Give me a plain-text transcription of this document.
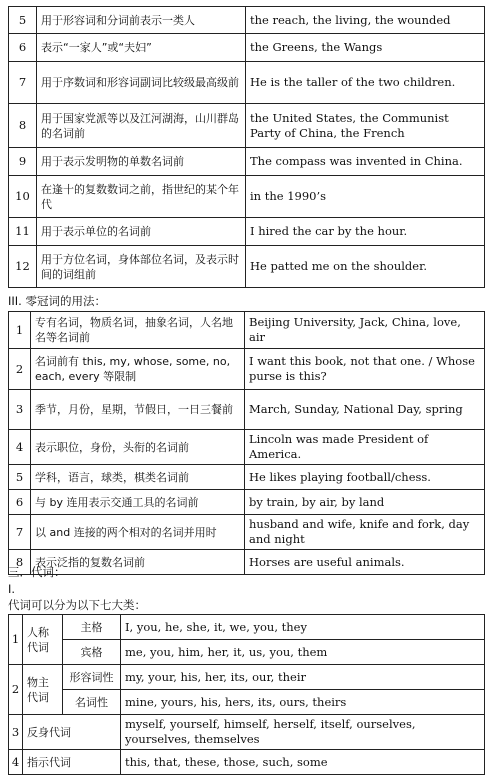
5	用于形容词和分词前表示一类人	the reach, the living, the wounded
6	表示“一家人”或“夫妇”	the Greens, the Wangs
7	用于序数词和形容词副词比较级最高级前	He is the taller of the two children.
8	用于国家党派等以及江河湖海，山川群岛的名词前	the United States, the Communist Party of China, the French
9	用于表示发明物的单数名词前	The compass was invented in China.
10	在逢十的复数数词之前，指世纪的某个年代	in the 1990’s
11	用于表示单位的名词前	I hired the car by the hour.
12	用于方位名词，身体部位名词，及表示时间的词组前	He patted me on the shoulder.
III. 零冠词的用法：
1	专有名词，物质名词，抽象名词，人名地名等名词前	Beijing University, Jack, China, love, air
2	名词前有 this, my, whose, some, no, each, every 等限制	I want this book, not that one. / Whose purse is this?
3	季节，月份，星期，节假日，一日三餐前	March, Sunday, National Day, spring
4	表示职位，身份，头衔的名词前	Lincoln was made President of America.
5	学科，语言，球类，棋类名词前	He likes playing football/chess.
6	与 by 连用表示交通工具的名词前	by train, by air, by land
7	以 and 连接的两个相对的名词并用时	husband and wife, knife and fork, day and night
8	表示泛指的复数名词前	Horses are useful animals.
三．代词：
I.
代词可以分为以下七大类：
1	人称代词	主格	I, you, he, she, it, we, you, they
		宾格	me, you, him, her, it, us, you, them
2	物主代词	形容词性	my, your, his, her, its, our, their
		名词性	mine, yours, his, hers, its, ours, theirs
3	反身代词		myself, yourself, himself, herself, itself, ourselves, yourselves, themselves
4	指示代词		this, that, these, those, such, some
